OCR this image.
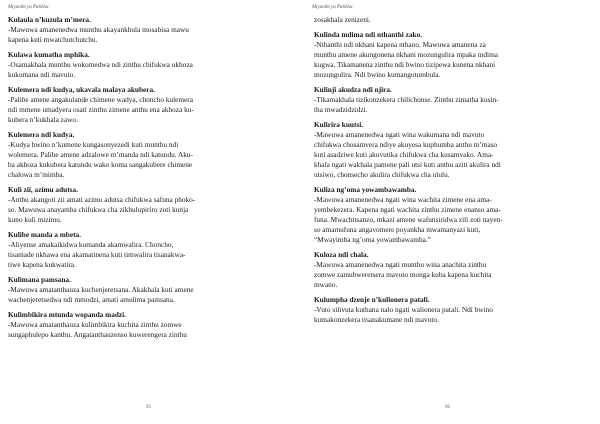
Miyambi ya Patikha
Kulaula n’kuzula m’mera.
-Mawuwa amanenedwa munthu akayankhula mosabisa mawu
kapena kuti mwatchutchutchu.
Kulawa kumatha mphika.
-Osamakhala munthu wokomedwa ndi zinthu chifukwa ukhoza
kukumana ndi mavuto.
Kulemera ndi kudya, ukavala malaya akubera.
-Palibe amene angakulande chimene wadya, choncho kulemera
ndi mmene umadyera osati zinthu zimene anthu ena akhoza ku-
kubera n’kukhala zawo.
Kulemera ndi kudya.
-Kudya bwino n’kumene kungasonyezedi kuti munthu ndi
wolemera. Palibe amene adzalowe m’manda ndi katundu. Aku-
ba akhoza kukubera katundu wako koma sangakubere chimene
chalowa m’mimba.
Kuli zii, azimu adutsa.
-Anthu akangoti zii amati azimu adutsa chifukwa safuna phoko-
so. Mawuwa anayamba chifukwa cha zikhulupiriro zoti kunja
kuno kuli mizimu.
Kulibe manda a mbeta.
-Aliyense amakaikidwa kumanda akamwalira. Choncho,
tisamade nkhawa ena akamatinena kuti timwalira tisanakwa-
tiwe kapena kukwatira.
Kulimana pamsana.
-Mawuwa amatanthauza kuchenjeretsana. Akakhala kuti amene
wachenjeretsedwa ndi mmodzi, amati amulima pamsana.
Kulimbikira mtunda wopanda madzi.
-Mawuwa amatanthauza kulimbikira kuchita zinthu zomwe
sungaphulepo kanthu. Angatanthauzenso kuwerengera zinthu
95
Miyambi ya Patikha
zosakhala zenizeni.
Kulinda mdima ndi nthanthi zako.
-Nthanthi ndi nkhani kapena nthano. Mawuwa amanena za
munthu amene akungonena nkhani mozungulira mpaka mdima
kugwa. Tikamanena zinthu ndi bwino tizipewa kunena nkhani
mozungulira. Ndi bwino kumangotumbula.
Kulinji akudza ndi njira.
-Tikamakhala tizikonzekera chilichonse. Zinthu zimatha kusin-
tha mwadzidzidzi.
Kulirira kuutsi.
-Mawuwa amanenedwa ngati wina wakumana ndi mavuto
chifukwa chosamvera ndiye akuyesa kuphumba anthu m’maso
kuti asadziwe kuti akuvutika chifukwa cha kusamvako. Ama-
khala ngati wakhala pamene pali utsi kuti anthu aziti akulira ndi
utsiwo, chonsecho akulira chifukwa cha ululu.
Kuliza ng’oma yowambawamba.
-Mawuwa amanenedwa ngati wina wachita zimene ena ama-
yembekezera. Kapena ngati wachita zinthu zimene enanso ama-
funa. Mwachitsanzo, mkazi amene wafunsiridwa zili zoti nayen-
so amamufuna angavomere poyankha mwamanyazi kuti,
“Mwayimba ng’oma yowambawamba.”
Kuloza ndi chala.
-Mawuwa amanenedwa ngati munthu wina anachita zinthu
zomwe zamubweretsera mavuto monga kuba kapena kuchita
mwano.
Kulumpha dzenje n’kulionera patali.
-Vuto silivuta kuthana nalo ngati walionera patali. Ndi bwino
kumakonzekera tisanakumane ndi mavuto.
96
